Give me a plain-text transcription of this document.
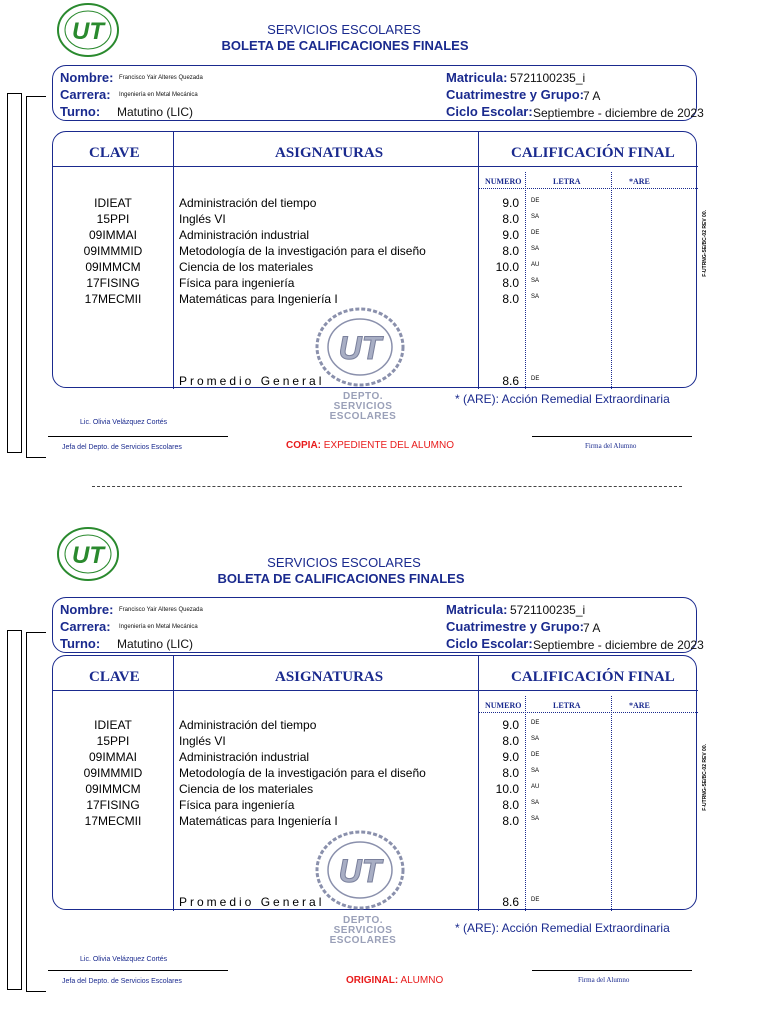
UT	SERVICIOS ESCOLARES
BOLETA DE CALIFICACIONES FINALES
Nombre: Francisco Yair Alteres Quezada
Carrera: Ingeniería en Metal Mecánica
Turno: Matutino (LIC)
Matricula: 5721100235_i
Cuatrimestre y Grupo: 7 A
Ciclo Escolar: Septiembre - diciembre de 2023
CLAVE	ASIGNATURAS	CALIFICACIÓN FINAL
NUMERO	LETRA	*ARE
IDIEAT	Administración del tiempo	9.0 DE
15PPI	Inglés VI	8.0 SA
09IMMAI	Administración industrial	9.0 DE
09IMMMID	Metodología de la investigación para el diseño	8.0 SA
09IMMCM	Ciencia de los materiales	10.0 AU
17FISING	Física para ingeniería	8.0 SA
17MECMII	Matemáticas para Ingeniería I	8.0 SA
Promedio General	8.6 DE
UT
DEPTO.
SERVICIOS
ESCOLARES
* (ARE): Acción Remedial Extraordinaria
Lic. Olivia Velázquez Cortés
Jefa del Depto. de Servicios Escolares	COPIA: EXPEDIENTE DEL ALUMNO	Firma del Alumno
F-UTRNG-SE/BC-02 REV 00.
UT	SERVICIOS ESCOLARES
BOLETA DE CALIFICACIONES FINALES
Nombre: Francisco Yair Alteres Quezada
Carrera: Ingeniería en Metal Mecánica
Turno: Matutino (LIC)
Matricula: 5721100235_i
Cuatrimestre y Grupo: 7 A
Ciclo Escolar: Septiembre - diciembre de 2023
CLAVE	ASIGNATURAS	CALIFICACIÓN FINAL
NUMERO	LETRA	*ARE
IDIEAT	Administración del tiempo	9.0 DE
15PPI	Inglés VI	8.0 SA
09IMMAI	Administración industrial	9.0 DE
09IMMMID	Metodología de la investigación para el diseño	8.0 SA
09IMMCM	Ciencia de los materiales	10.0 AU
17FISING	Física para ingeniería	8.0 SA
17MECMII	Matemáticas para Ingeniería I	8.0 SA
Promedio General	8.6 DE
UT
DEPTO.
SERVICIOS
ESCOLARES
* (ARE): Acción Remedial Extraordinaria
Lic. Olivia Velázquez Cortés
Jefa del Depto. de Servicios Escolares	ORIGINAL: ALUMNO	Firma del Alumno
F-UTRNG-SE/BC-02 REV 00.
